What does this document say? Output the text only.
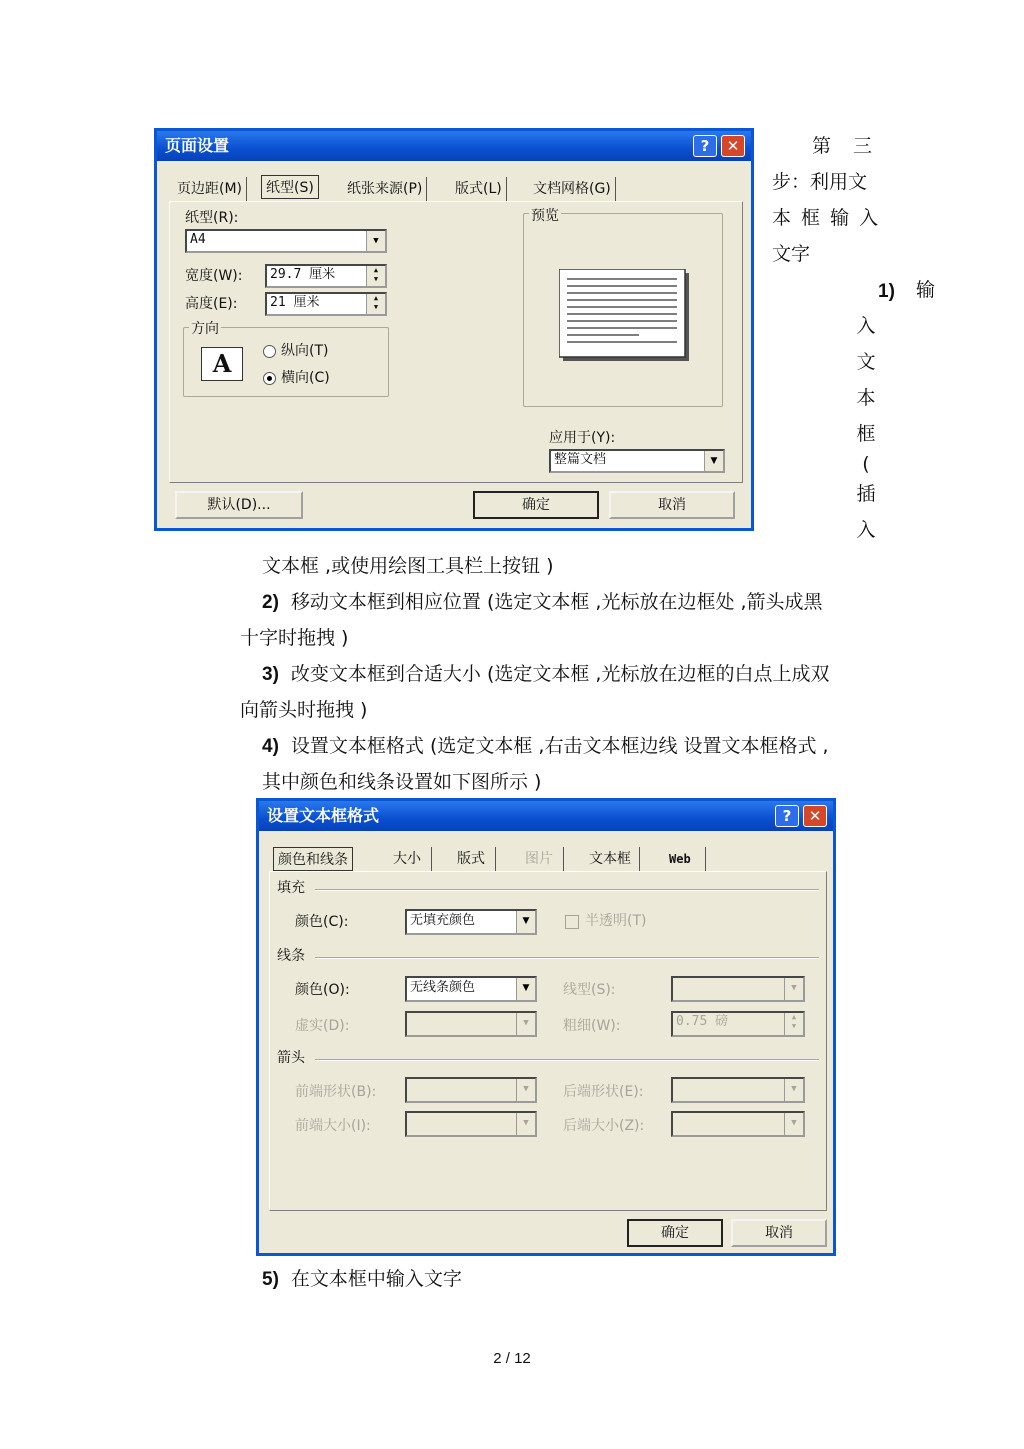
页面设置	?	✕
页边距(M)	纸型(S)	纸张来源(P)	版式(L)	文档网格(G)
纸型(R):
A4	▼
宽度(W):	29.7 厘米	▲
▼
高度(E):	21 厘米	▲
▼
方向
A	纵向(T)
横向(C)
预览
应用于(Y):
整篇文档	▼
默认(D)...	确定	取消
第 三
步：利用文
本 框 输 入
文字
1) 输
入
文
本
框
(
插
入
文本框 ,或使用绘图工具栏上按钮 )
2) 移动文本框到相应位置 (选定文本框 ,光标放在边框处 ,箭头成黑
十字时拖拽 )
3) 改变文本框到合适大小 (选定文本框 ,光标放在边框的白点上成双
向箭头时拖拽 )
4) 设置文本框格式 (选定文本框 ,右击文本框边线 设置文本框格式 ,
其中颜色和线条设置如下图所示 )
设置文本框格式	?	✕
颜色和线条	大小	版式	图片	文本框	Web
填充
颜色(C):	无填充颜色	▼	半透明(T)
线条
颜色(O):	无线条颜色	▼	线型(S):	▼
虚实(D):	▼	粗细(W):	0.75 磅	▲
▼
箭头
前端形状(B):	▼	后端形状(E):	▼
前端大小(I):	▼	后端大小(Z):	▼
确定	取消
5) 在文本框中输入文字
2 / 12
